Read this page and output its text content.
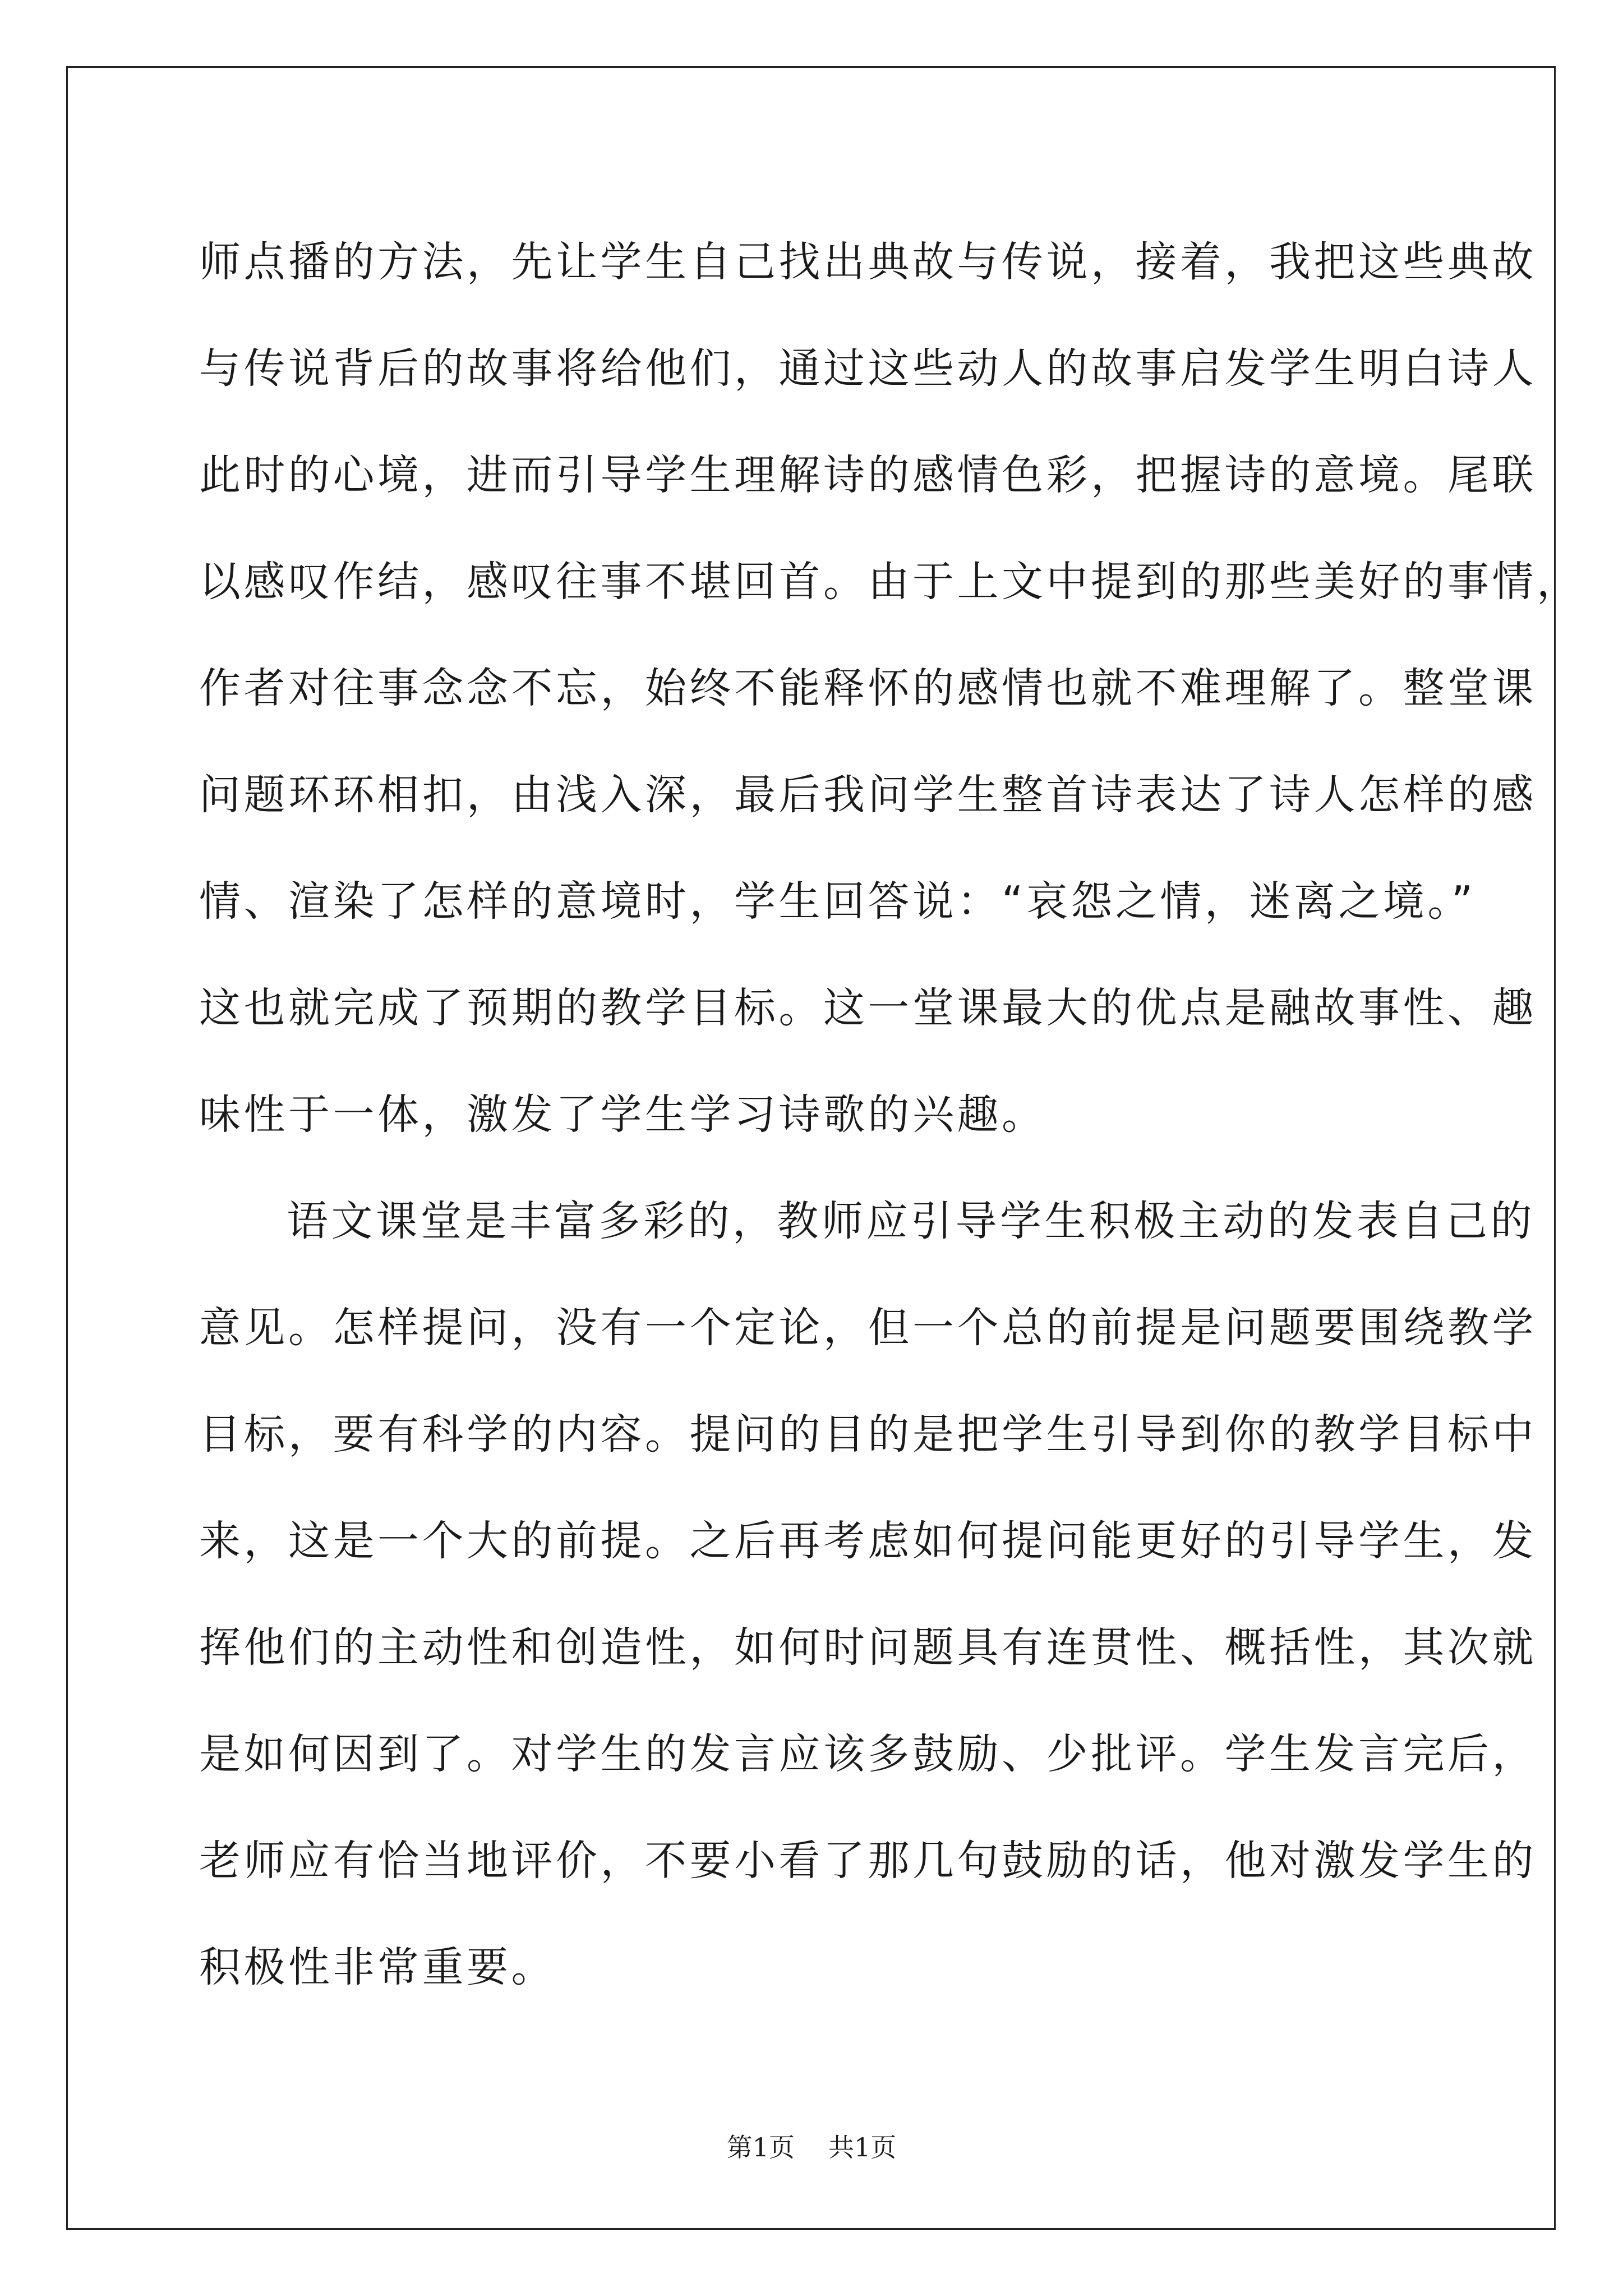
师点播的方法，先让学生自己找出典故与传说，接着，我把这些典故
与传说背后的故事将给他们，通过这些动人的故事启发学生明白诗人
此时的心境，进而引导学生理解诗的感情色彩，把握诗的意境。尾联
以感叹作结，感叹往事不堪回首。由于上文中提到的那些美好的事情，
作者对往事念念不忘，始终不能释怀的感情也就不难理解了。整堂课
问题环环相扣，由浅入深，最后我问学生整首诗表达了诗人怎样的感
情、渲染了怎样的意境时，学生回答说：“哀怨之情，迷离之境。”
这也就完成了预期的教学目标。这一堂课最大的优点是融故事性、趣
味性于一体，激发了学生学习诗歌的兴趣。
语文课堂是丰富多彩的，教师应引导学生积极主动的发表自己的
意见。怎样提问，没有一个定论，但一个总的前提是问题要围绕教学
目标，要有科学的内容。提问的目的是把学生引导到你的教学目标中
来，这是一个大的前提。之后再考虑如何提问能更好的引导学生，发
挥他们的主动性和创造性，如何时问题具有连贯性、概括性，其次就
是如何因到了。对学生的发言应该多鼓励、少批评。学生发言完后，
老师应有恰当地评价，不要小看了那几句鼓励的话，他对激发学生的
积极性非常重要。
第1页 共1页
